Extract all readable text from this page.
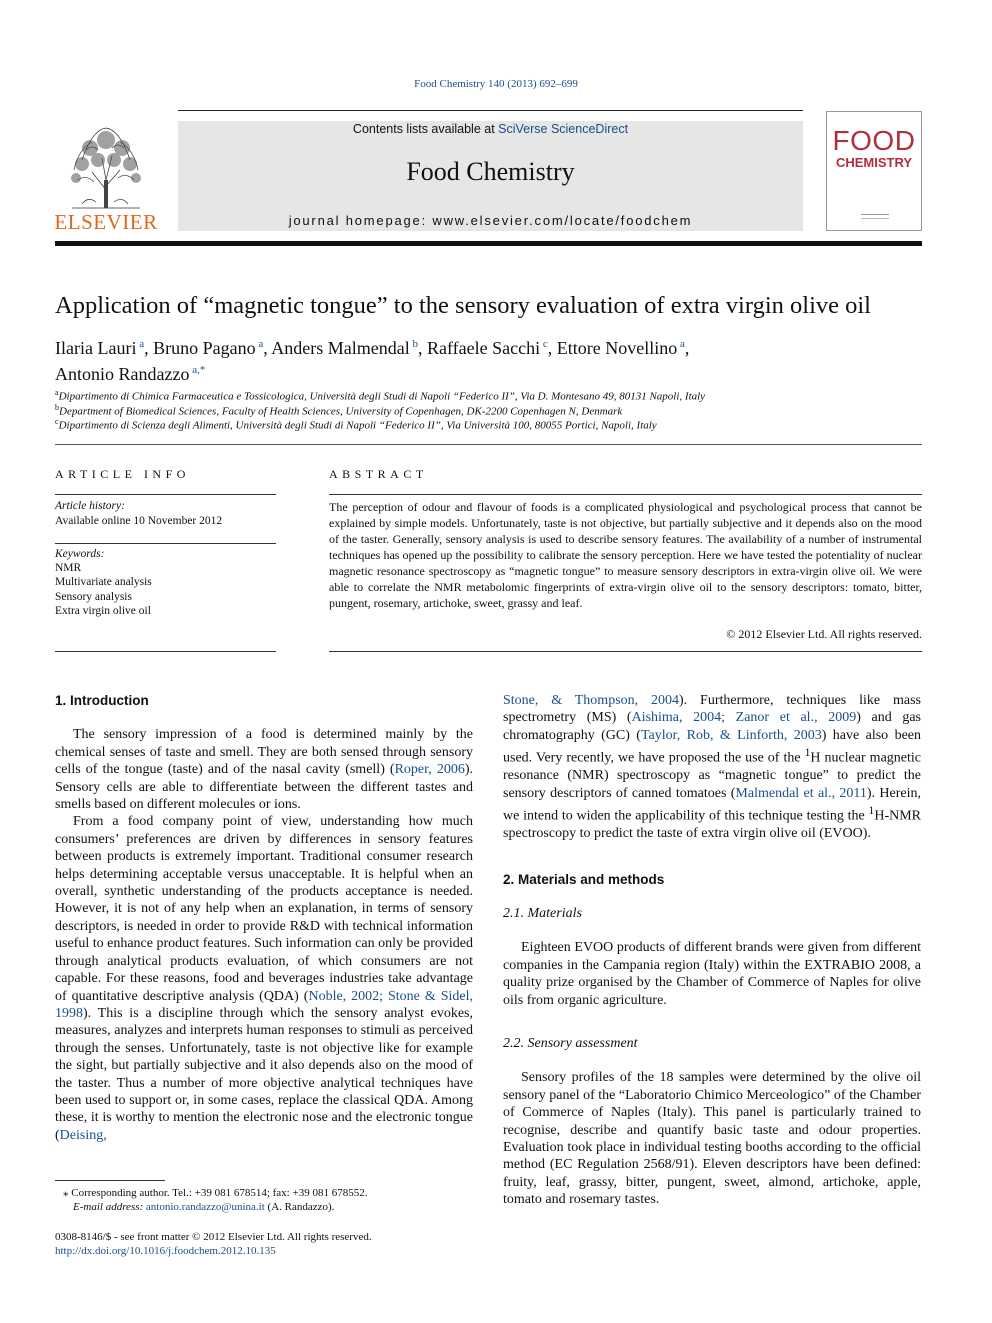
Food Chemistry 140 (2013) 692–699
ELSEVIER
Contents lists available at SciVerse ScienceDirect
Food Chemistry
journal homepage: www.elsevier.com/locate/foodchem
FOOD
CHEMISTRY
Application of “magnetic tongue” to the sensory evaluation of extra virgin olive oil
Ilaria Lauri $^a$, Bruno Pagano $^a$, Anders Malmendal $^b$, Raffaele Sacchi $^c$, Ettore Novellino $^a$,
Antonio Randazzo $^{a,*}$
$^a$Dipartimento di Chimica Farmaceutica e Tossicologica, Università degli Studi di Napoli “Federico II”, Via D. Montesano 49, 80131 Napoli, Italy
$^b$Department of Biomedical Sciences, Faculty of Health Sciences, University of Copenhagen, DK-2200 Copenhagen N, Denmark
$^c$Dipartimento di Scienza degli Alimenti, Università degli Studi di Napoli “Federico II”, Via Università 100, 80055 Portici, Napoli, Italy
ARTICLE INFO	ABSTRACT
Article history:
Available online 10 November 2012
Keywords:
NMR
Multivariate analysis
Sensory analysis
Extra virgin olive oil
The perception of odour and flavour of foods is a complicated physiological and psychological process that cannot be explained by simple models. Unfortunately, taste is not objective, but partially subjective and it depends also on the mood of the taster. Generally, sensory analysis is used to describe sensory features. The availability of a number of instrumental techniques has opened up the possibility to calibrate the sensory perception. Here we have tested the potentiality of nuclear magnetic resonance spectroscopy as “magnetic tongue” to measure sensory descriptors in extra-virgin olive oil. We were able to correlate the NMR metabolomic fingerprints of extra-virgin olive oil to the sensory descriptors: tomato, bitter, pungent, rosemary, artichoke, sweet, grassy and leaf.
© 2012 Elsevier Ltd. All rights reserved.

1. Introduction

The sensory impression of a food is determined mainly by the chemical senses of taste and smell. They are both sensed through sensory cells of the tongue (taste) and of the nasal cavity (smell) (Roper, 2006). Sensory cells are able to differentiate between the different tastes and smells based on different molecules or ions.

From a food company point of view, understanding how much consumers’ preferences are driven by differences in sensory features between products is extremely important. Traditional consumer research helps determining acceptable versus unacceptable. It is helpful when an overall, synthetic understanding of the products acceptance is needed. However, it is not of any help when an explanation, in terms of sensory descriptors, is needed in order to provide R&D with technical information useful to enhance product features. Such information can only be provided through analytical products evaluation, of which consumers are not capable. For these reasons, food and beverages industries take advantage of quantitative descriptive analysis (QDA) (Noble, 2002; Stone & Sidel, 1998). This is a discipline through which the sensory analyst evokes, measures, analyzes and interprets human responses to stimuli as perceived through the senses. Unfortunately, taste is not objective like for example the sight, but partially subjective and it also depends also on the mood of the taster. Thus a number of more objective analytical techniques have been used to support or, in some cases, replace the classical QDA. Among these, it is worthy to mention the electronic nose and the electronic tongue (Deising,

Stone, & Thompson, 2004). Furthermore, techniques like mass spectrometry (MS) (Aishima, 2004; Zanor et al., 2009) and gas chromatography (GC) (Taylor, Rob, & Linforth, 2003) have also been used. Very recently, we have proposed the use of the $^1$H nuclear magnetic resonance (NMR) spectroscopy as “magnetic tongue” to predict the sensory descriptors of canned tomatoes (Malmendal et al., 2011). Herein, we intend to widen the applicability of this technique testing the $^1$H-NMR spectroscopy to predict the taste of extra virgin olive oil (EVOO).

2. Materials and methods

2.1. Materials

Eighteen EVOO products of different brands were given from different companies in the Campania region (Italy) within the EXTRABIO 2008, a quality prize organised by the Chamber of Commerce of Naples for olive oils from organic agriculture.

2.2. Sensory assessment

Sensory profiles of the 18 samples were determined by the olive oil sensory panel of the “Laboratorio Chimico Merceologico” of the Chamber of Commerce of Naples (Italy). This panel is particularly trained to recognise, describe and quantify basic taste and odour properties. Evaluation took place in individual testing booths according to the official method (EC Regulation 2568/91). Eleven descriptors have been defined: fruity, leaf, grassy, bitter, pungent, sweet, almond, artichoke, apple, tomato and rosemary tastes.

⁎ Corresponding author. Tel.: +39 081 678514; fax: +39 081 678552.
E-mail address: antonio.randazzo@unina.it (A. Randazzo).
0308-8146/$ - see front matter © 2012 Elsevier Ltd. All rights reserved.
http://dx.doi.org/10.1016/j.foodchem.2012.10.135
